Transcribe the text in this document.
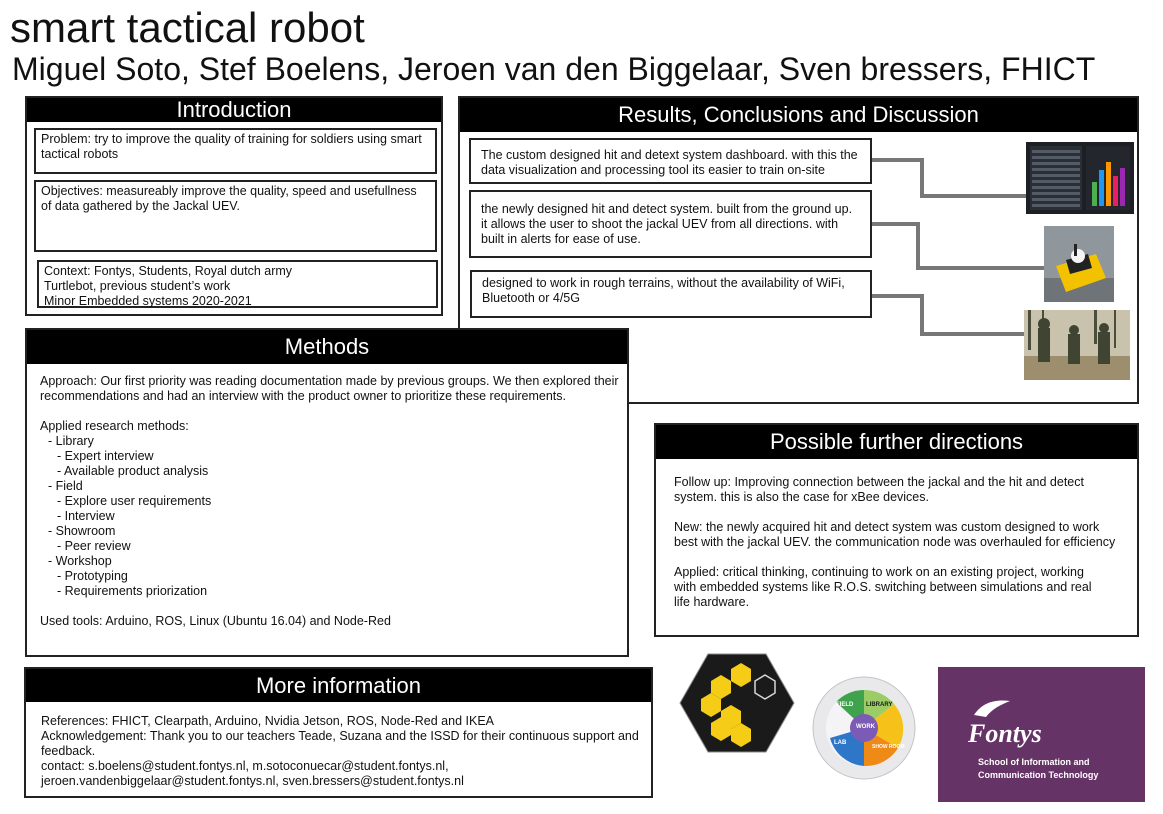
smart tactical robot
Miguel Soto, Stef Boelens, Jeroen van den Biggelaar, Sven bressers, FHICT
Introduction
Problem: try to improve the quality of training for soldiers using smart tactical robots
Objectives: measureably improve the quality, speed and usefullness of data gathered by the Jackal UEV.
Context: Fontys, Students, Royal dutch army
Turtlebot, previous student’s work
Minor Embedded systems 2020-2021
Results, Conclusions and Discussion
The custom designed hit and detext system dashboard. with this the data visualization and processing tool its easier to train on-site
the newly designed hit and detect system. built from the ground up. it allows the user to shoot the jackal UEV from all directions. with built in alerts for ease of use.
designed to work in rough terrains, without the availability of WiFi, Bluetooth or 4/5G
Methods
Approach: Our first priority was reading documentation made by previous groups. We then explored their recommendations and had an interview with the product owner to prioritize these requirements.
Applied research methods:
- Library
- Expert interview
- Available product analysis
- Field
- Explore user requirements
- Interview
- Showroom
- Peer review
- Workshop
- Prototyping
- Requirements priorization
Used tools: Arduino, ROS, Linux (Ubuntu 16.04) and Node-Red
Possible further directions
Follow up: Improving connection between the jackal and the hit and detect system. this is also the case for xBee devices.
New: the newly acquired hit and detect system was custom designed to work best with the jackal UEV. the communication node was overhauled for efficiency
Applied: critical thinking, continuing to work on an existing project, working with embedded systems like R.O.S. switching between simulations and real life hardware.
More information
References: FHICT, Clearpath, Arduino, Nvidia Jetson, ROS, Node-Red and IKEA
Acknowledgement: Thank you to our teachers Teade, Suzana and the ISSD for their continuous support and feedback.
contact: s.boelens@student.fontys.nl, m.sotoconuecar@student.fontys.nl,
jeroen.vandenbiggelaar@student.fontys.nl, sven.bressers@student.fontys.nl
FIELD LIBRARY
WORK
LAB
SHOW ROOM Fontys
School of Information and
Communication Technology
